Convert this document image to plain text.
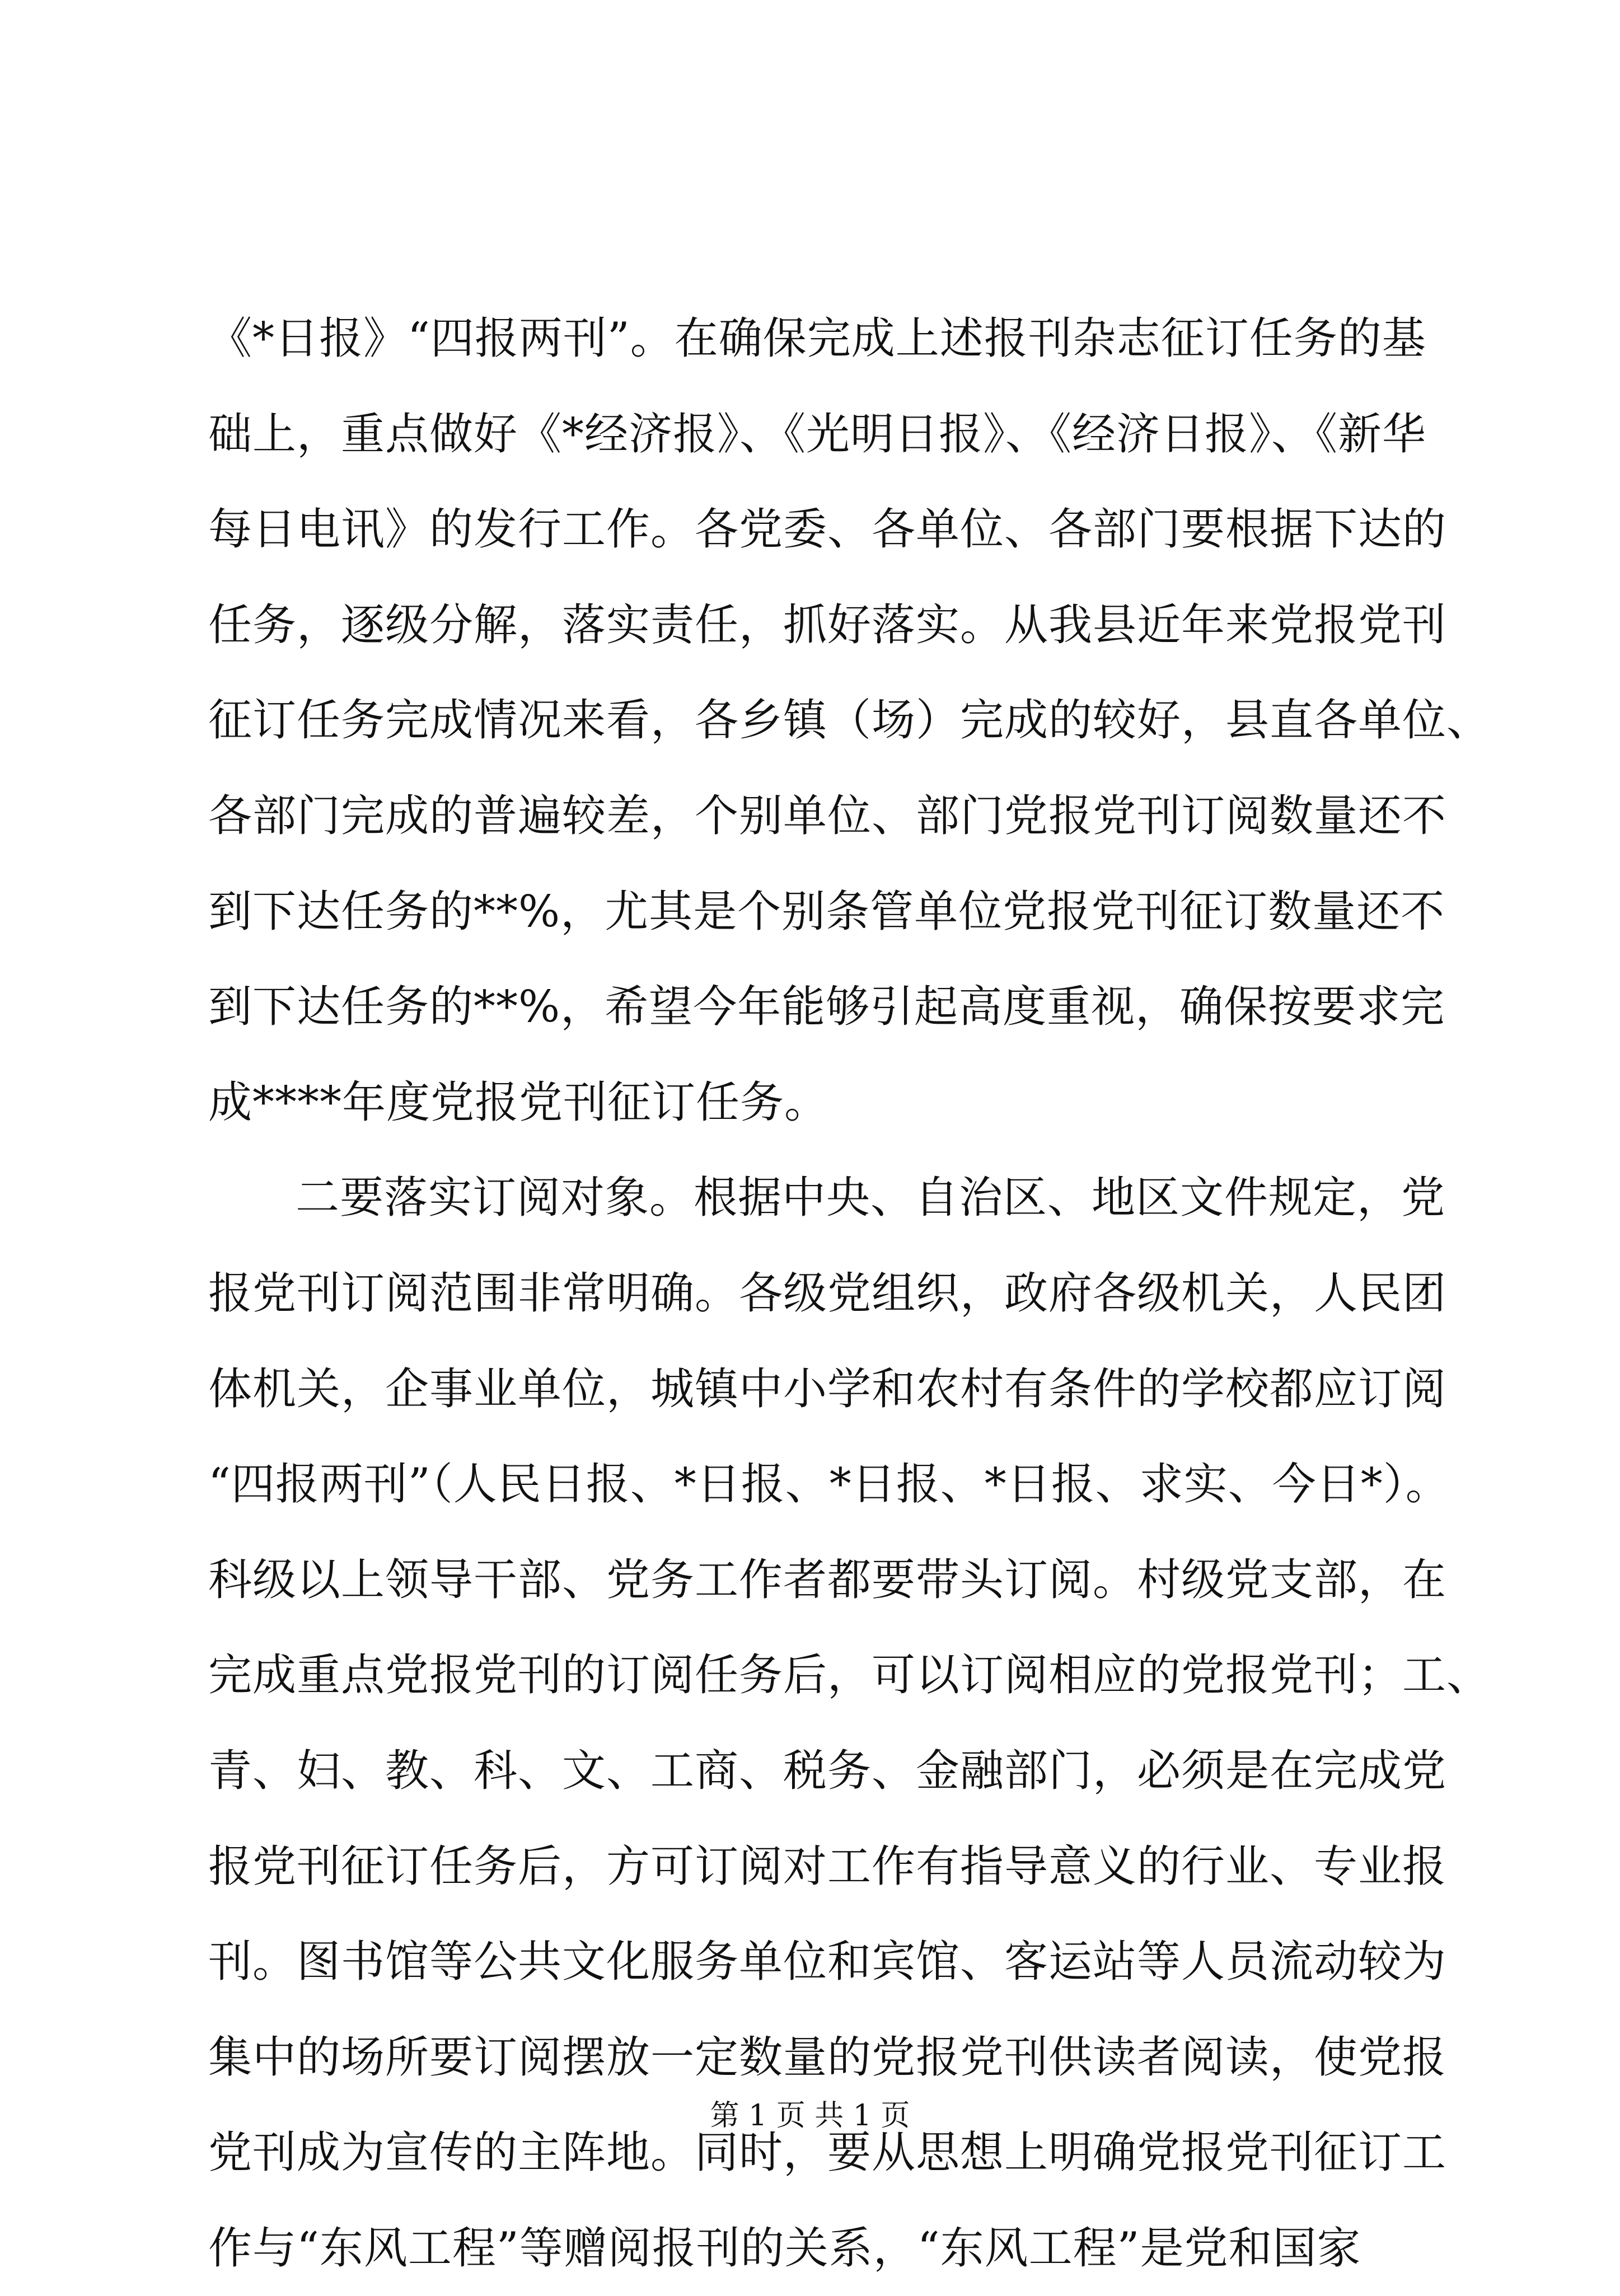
《*日报》“四报两刊”。在确保完成上述报刊杂志征订任务的基
础上，重点做好《*经济报》、《光明日报》、《经济日报》、《新华
每日电讯》的发行工作。各党委、各单位、各部门要根据下达的
任务，逐级分解，落实责任，抓好落实。从我县近年来党报党刊
征订任务完成情况来看，各乡镇（场）完成的较好，县直各单位、
各部门完成的普遍较差，个别单位、部门党报党刊订阅数量还不
到下达任务的**%，尤其是个别条管单位党报党刊征订数量还不
到下达任务的**%，希望今年能够引起高度重视，确保按要求完
成****年度党报党刊征订任务。
二要落实订阅对象。根据中央、自治区、地区文件规定，党
报党刊订阅范围非常明确。各级党组织，政府各级机关，人民团
体机关，企事业单位，城镇中小学和农村有条件的学校都应订阅
“四报两刊”（人民日报、*日报、*日报、*日报、求实、今日*）。
科级以上领导干部、党务工作者都要带头订阅。村级党支部，在
完成重点党报党刊的订阅任务后，可以订阅相应的党报党刊；工、
青、妇、教、科、文、工商、税务、金融部门，必须是在完成党
报党刊征订任务后，方可订阅对工作有指导意义的行业、专业报
刊。图书馆等公共文化服务单位和宾馆、客运站等人员流动较为
集中的场所要订阅摆放一定数量的党报党刊供读者阅读，使党报
党刊成为宣传的主阵地。同时，要从思想上明确党报党刊征订工
作与“东风工程”等赠阅报刊的关系，“东风工程”是党和国家
第 1 页 共 1 页
